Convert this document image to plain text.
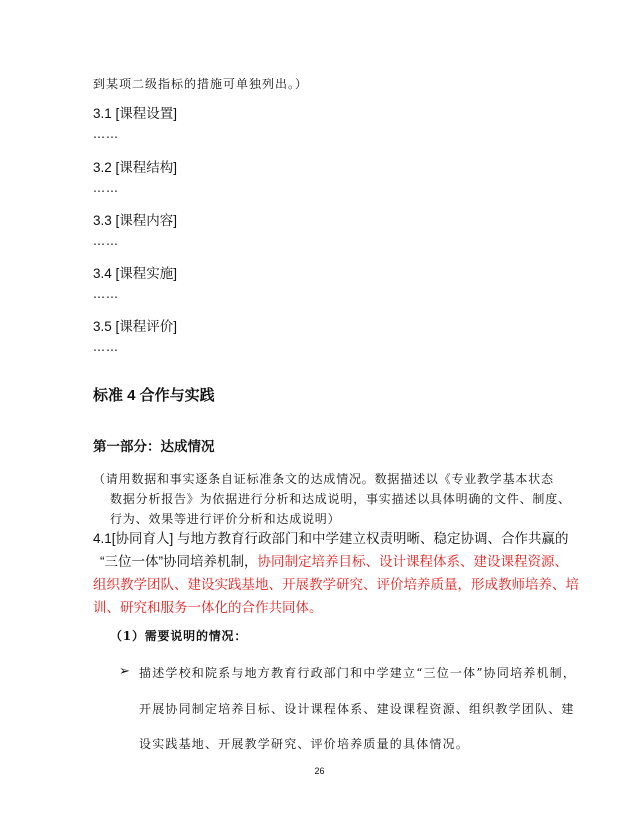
到某项二级指标的措施可单独列出。）
3.1 [课程设置]
……
3.2 [课程结构]
……
3.3 [课程内容]
……
3.4 [课程实施]
……
3.5 [课程评价]
……
标准 4 合作与实践
第一部分：达成情况
（请用数据和事实逐条自证标准条文的达成情况。数据描述以《专业教学基本状态
数据分析报告》为依据进行分析和达成说明，事实描述以具体明确的文件、制度、
行为、效果等进行评价分析和达成说明）
4.1[协同育人] 与地方教育行政部门和中学建立权责明晰、稳定协调、合作共赢的
“三位一体”协同培养机制，协同制定培养目标、设计课程体系、建设课程资源、
组织教学团队、建设实践基地、开展教学研究、评价培养质量，形成教师培养、培
训、研究和服务一体化的合作共同体。
（1）需要说明的情况：
➢ 描述学校和院系与地方教育行政部门和中学建立“三位一体”协同培养机制，
开展协同制定培养目标、设计课程体系、建设课程资源、组织教学团队、建
设实践基地、开展教学研究、评价培养质量的具体情况。
26
